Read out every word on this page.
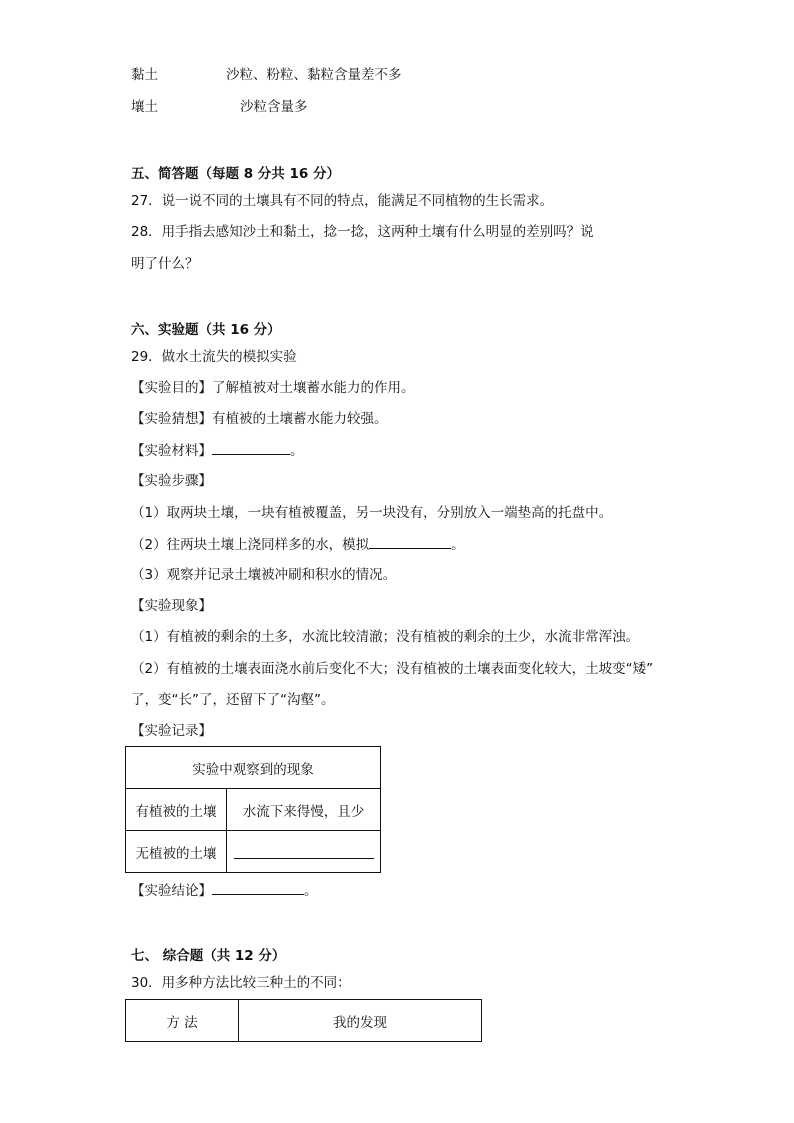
黏土	沙粒、粉粒、黏粒含量差不多
壤土	沙粒含量多
五、简答题（每题 8 分共 16 分）
27．说一说不同的土壤具有不同的特点，能满足不同植物的生长需求。
28．用手指去感知沙土和黏土，捻一捻，这两种土壤有什么明显的差别吗？说
明了什么？
六、实验题（共 16 分）
29．做水土流失的模拟实验
【实验目的】了解植被对土壤蓄水能力的作用。
【实验猜想】有植被的土壤蓄水能力较强。
【实验材料】	。
【实验步骤】
（1）取两块土壤，一块有植被覆盖，另一块没有，分别放入一端垫高的托盘中。
（2）往两块土壤上浇同样多的水，模拟	。
（3）观察并记录土壤被冲刷和积水的情况。
【实验现象】
（1）有植被的剩余的土多，水流比较清澈；没有植被的剩余的土少，水流非常浑浊。
（2）有植被的土壤表面浇水前后变化不大；没有植被的土壤表面变化较大，土坡变“矮”
了，变“长”了，还留下了“沟壑”。
【实验记录】
实验中观察到的现象	
有植被的土壤	水流下来得慢，且少
无植被的土壤	
【实验结论】	。
七、 综合题（共 12 分）
30．用多种方法比较三种土的不同：
方 法	我的发现
